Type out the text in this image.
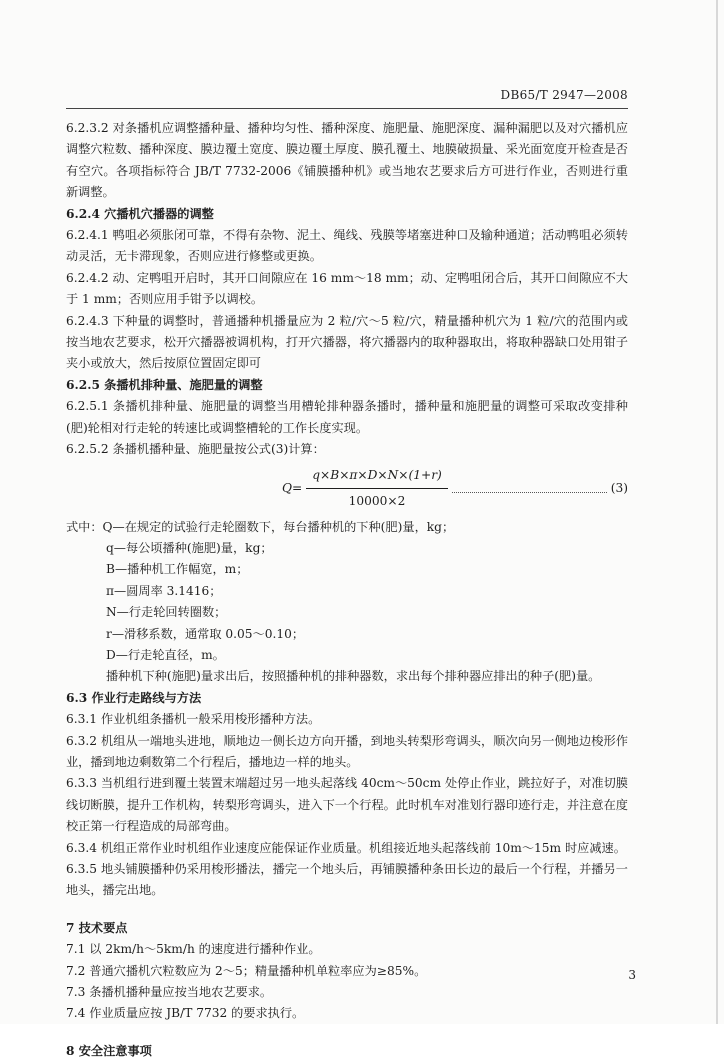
DB65/T 2947—2008

6.2.3.2 对条播机应调整播种量、播种均匀性、播种深度、施肥量、施肥深度、漏种漏肥以及对穴播机应调整穴粒数、播种深度、膜边覆土宽度、膜边覆土厚度、膜孔覆土、地膜破损量、采光面宽度开检查是否有空穴。各项指标符合 JB/T 7732-2006《铺膜播种机》或当地农艺要求后方可进行作业，否则进行重新调整。

6.2.4 穴播机穴播器的调整

6.2.4.1 鸭咀必须胀闭可靠，不得有杂物、泥土、绳线、残膜等堵塞进种口及输种通道；活动鸭咀必须转动灵活，无卡滞现象，否则应进行修整或更换。

6.2.4.2 动、定鸭咀开启时，其开口间隙应在 16 mm～18 mm；动、定鸭咀闭合后，其开口间隙应不大于 1 mm；否则应用手钳予以调校。

6.2.4.3 下种量的调整时，普通播种机播量应为 2 粒/穴～5 粒/穴，精量播种机穴为 1 粒/穴的范围内或按当地农艺要求，松开穴播器被调机构，打开穴播器，将穴播器内的取种器取出，将取种器缺口处用钳子夹小或放大，然后按原位置固定即可

6.2.5 条播机排种量、施肥量的调整

6.2.5.1 条播机排种量、施肥量的调整当用槽轮排种器条播时，播种量和施肥量的调整可采取改变排种(肥)轮相对行走轮的转速比或调整槽轮的工作长度实现。

6.2.5.2 条播机播种量、施肥量按公式(3)计算：

$Q= \frac{q\times B\times\pi\times D\times N\times(1+r)}{10000\times 2}$	(3)

式中：Q—在规定的试验行走轮圈数下，每台播种机的下种(肥)量，kg；

q—每公顷播种(施肥)量，kg；

B—播种机工作幅宽，m；

π—圆周率 3.1416；

N—行走轮回转圈数；

r—滑移系数，通常取 0.05～0.10；

D—行走轮直径，m。

播种机下种(施肥)量求出后，按照播种机的排种器数，求出每个排种器应排出的种子(肥)量。

6.3 作业行走路线与方法

6.3.1 作业机组条播机一般采用梭形播种方法。

6.3.2 机组从一端地头进地，顺地边一侧长边方向开播，到地头转梨形弯调头，顺次向另一侧地边梭形作业，播到地边剩数第二个行程后，播地边一样的地头。

6.3.3 当机组行进到覆土装置末端超过另一地头起落线 40cm～50cm 处停止作业，跳拉好子，对准切膜线切断膜，提升工作机构，转梨形弯调头，进入下一个行程。此时机车对准划行器印迹行走，并注意在度校正第一行程造成的局部弯曲。

6.3.4 机组正常作业时机组作业速度应能保证作业质量。机组接近地头起落线前 10m～15m 时应减速。

6.3.5 地头铺膜播种仍采用梭形播法，播完一个地头后，再铺膜播种条田长边的最后一个行程，并播另一地头，播完出地。

7 技术要点

7.1 以 2km/h～5km/h 的速度进行播种作业。

7.2 普通穴播机穴粒数应为 2～5；精量播种机单粒率应为≥85%。

7.3 条播机播种量应按当地农艺要求。

7.4 作业质量应按 JB/T 7732 的要求执行。

8 安全注意事项

3
